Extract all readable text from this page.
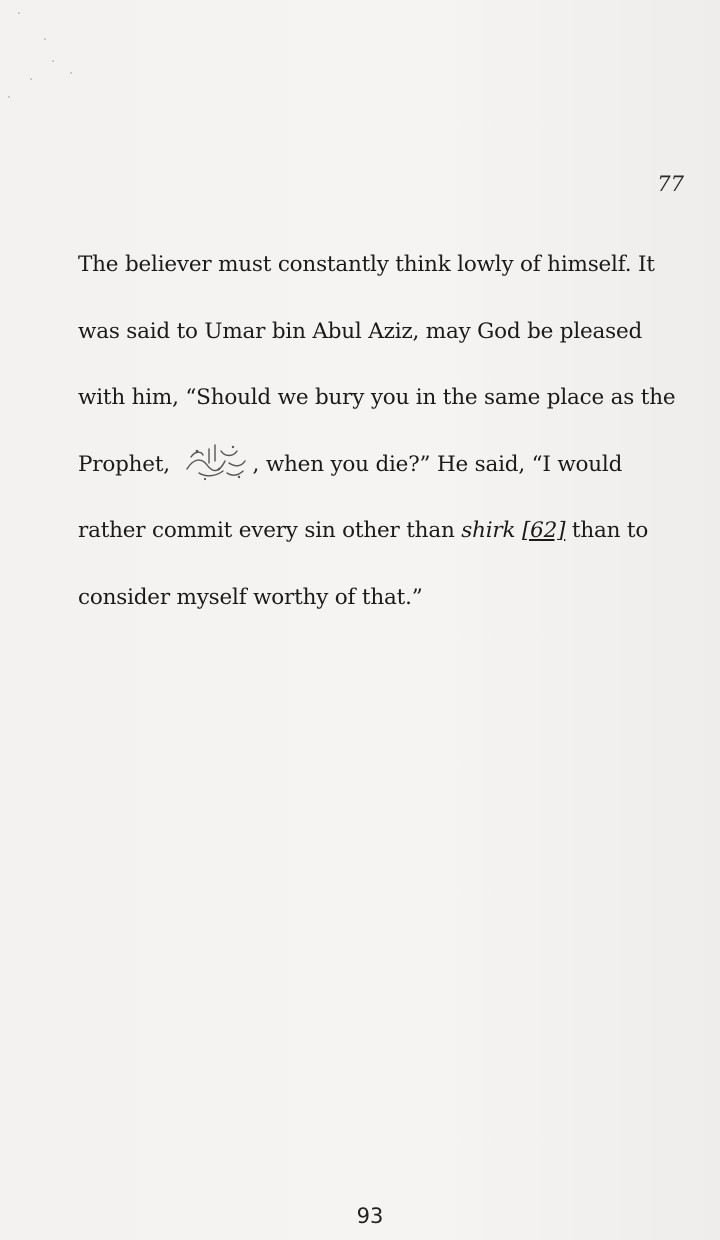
77

The believer must constantly think lowly of himself. It was said to Umar bin Abul Aziz, may God be pleased with him, “Should we bury you in the same place as the Prophet,	, when you die?” He said, “I would rather commit every sin other than shirk [62] than to consider myself worthy of that.”

93
